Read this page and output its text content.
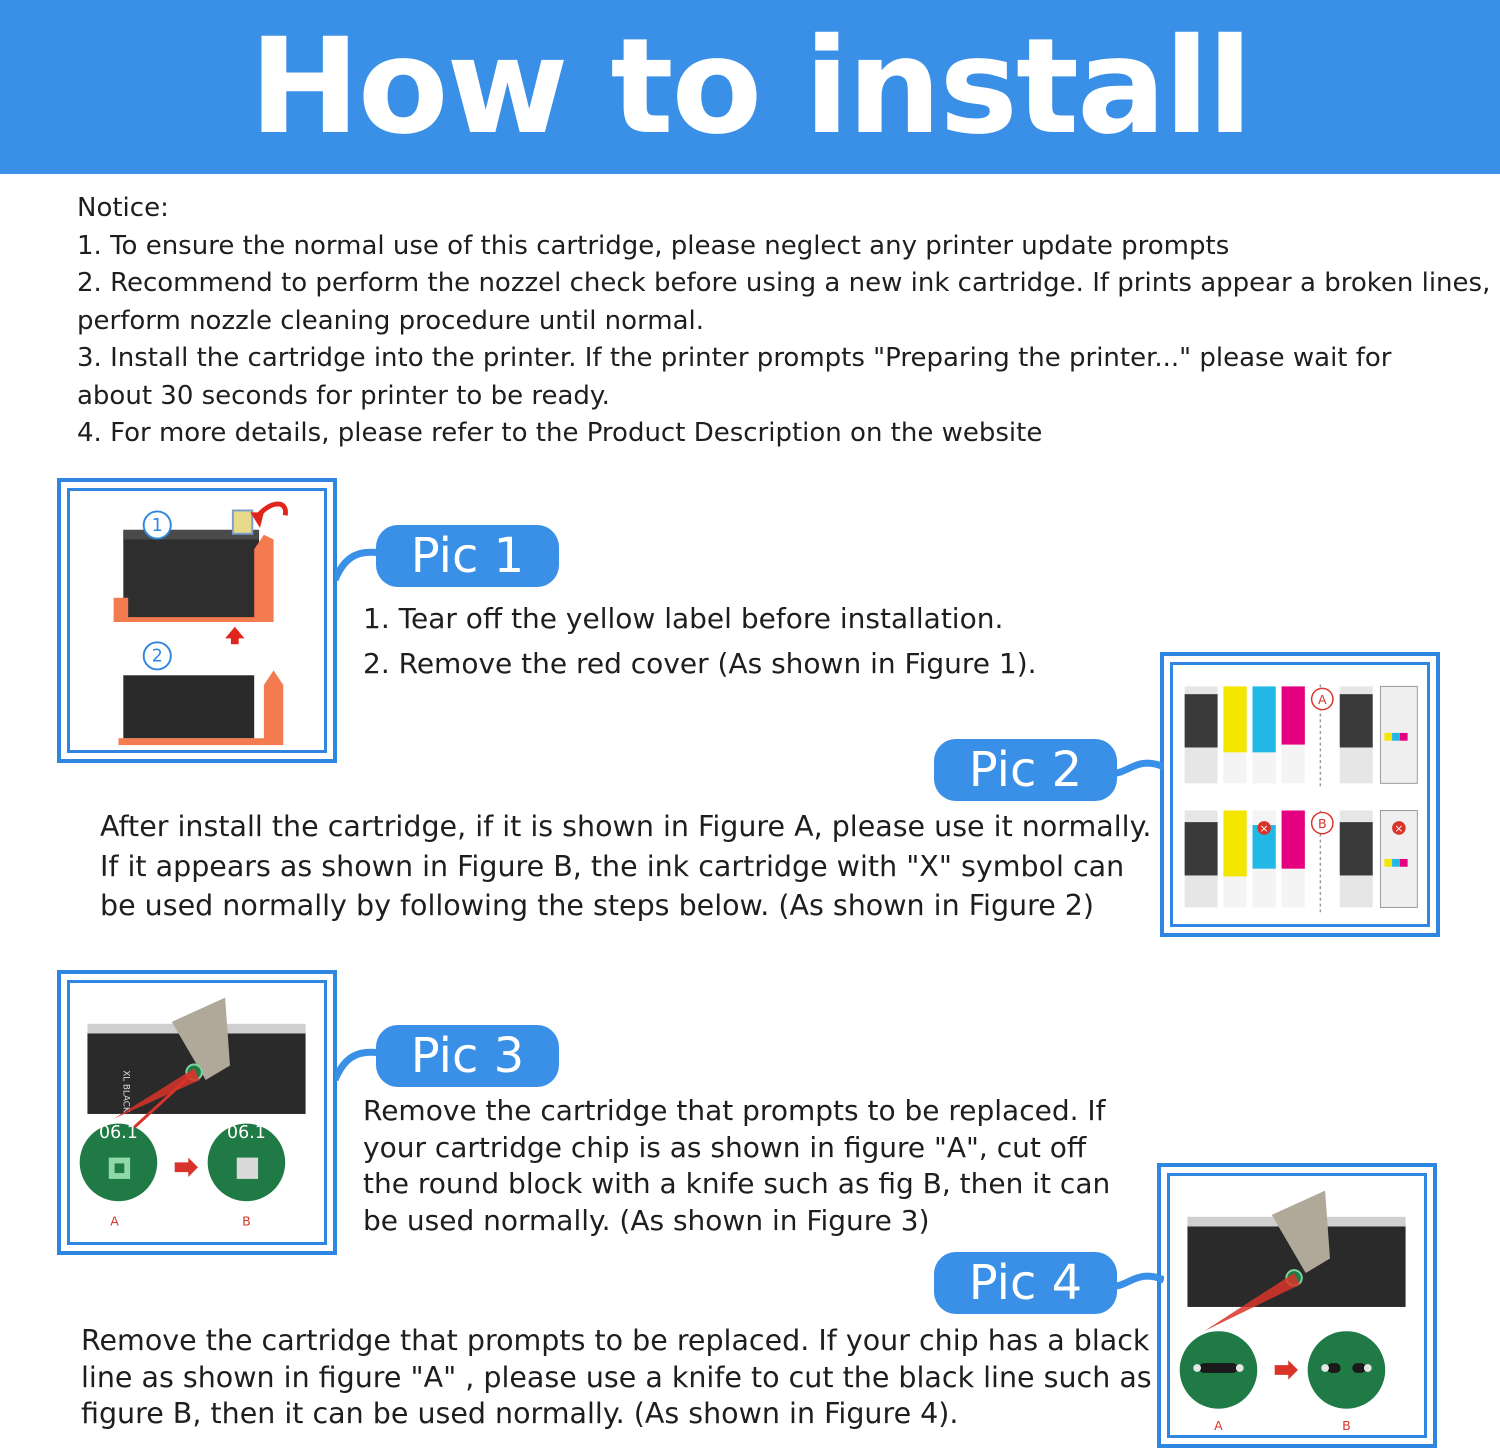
How to install

Notice:

1. To ensure the normal use of this cartridge, please neglect any printer update prompts

2. Recommend to perform the nozzel check before using a new ink cartridge. If prints appear a broken lines,

perform nozzle cleaning procedure until normal.

3. Install the cartridge into the printer. If the printer prompts "Preparing the printer..." please wait for

about 30 seconds for printer to be ready.

4. For more details, please refer to the Product Description on the website

1
2
Pic 1

1. Tear off the yellow label before installation.

2. Remove the red cover (As shown in Figure 1).

A
×	B	×
Pic 2

After install the cartridge, if it is shown in Figure A, please use it normally.

If it appears as shown in Figure B, the ink cartridge with "X" symbol can

be used normally by following the steps below. (As shown in Figure 2)

XL BLACK
06.1
A
06.1
B
Pic 3

Remove the cartridge that prompts to be replaced. If

your cartridge chip is as shown in figure "A", cut off

the round block with a knife such as fig B, then it can

be used normally. (As shown in Figure 3)

A	B
Pic 4

Remove the cartridge that prompts to be replaced. If your chip has a black

line as shown in figure "A" , please use a knife to cut the black line such as

figure B, then it can be used normally. (As shown in Figure 4).
